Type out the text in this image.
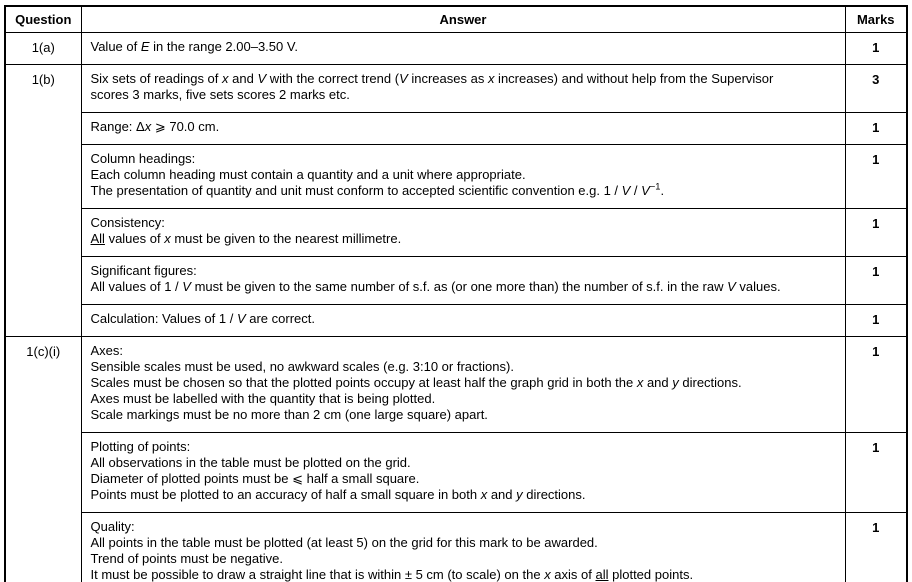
Question	Answer	Marks
1(a)	Value of E in the range 2.00–3.50 V.	1
1(b)	Six sets of readings of x and V with the correct trend (V increases as x increases) and without help from the Supervisor
scores 3 marks, five sets scores 2 marks etc.	3

	Range: Δx ⩾ 70.0 cm.	1

	Column headings:
Each column heading must contain a quantity and a unit where appropriate.
The presentation of quantity and unit must conform to accepted scientific convention e.g. 1 / V / $V^{-1}$.	1

	Consistency:
All values of x must be given to the nearest millimetre.	1

	Significant figures:
All values of 1 / V must be given to the same number of s.f. as (or one more than) the number of s.f. in the raw V values.	1

	Calculation: Values of 1 / V are correct.	1
1(c)(i)	Axes:
Sensible scales must be used, no awkward scales (e.g. 3:10 or fractions).
Scales must be chosen so that the plotted points occupy at least half the graph grid in both the x and y directions.
Axes must be labelled with the quantity that is being plotted.
Scale markings must be no more than 2 cm (one large square) apart.	1

	Plotting of points:
All observations in the table must be plotted on the grid.
Diameter of plotted points must be ⩽ half a small square.
Points must be plotted to an accuracy of half a small square in both x and y directions.	1

	Quality:
All points in the table must be plotted (at least 5) on the grid for this mark to be awarded.
Trend of points must be negative.
It must be possible to draw a straight line that is within ± 5 cm (to scale) on the x axis of all plotted points.	1
